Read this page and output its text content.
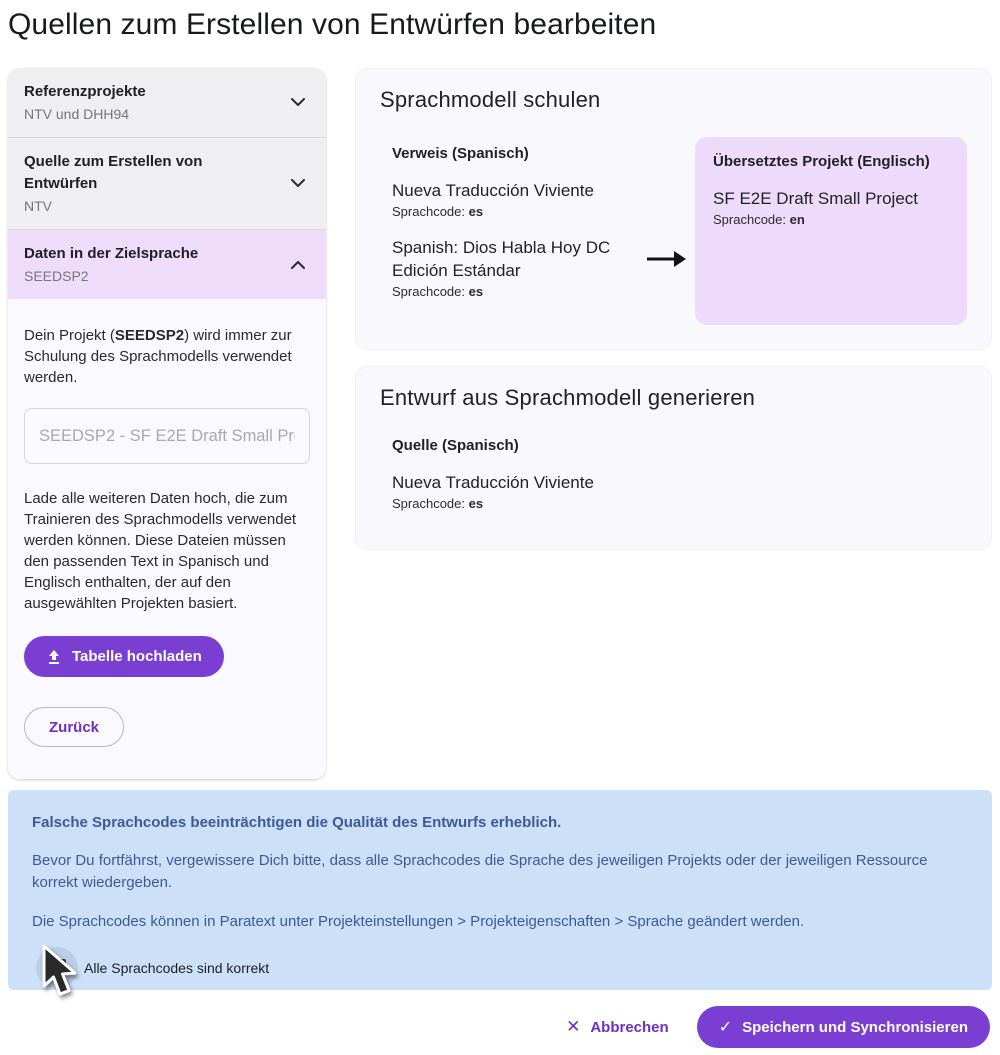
Quellen zum Erstellen von Entwürfen bearbeiten
Referenzprojekte
NTV und DHH94
Quelle zum Erstellen von Entwürfen
NTV
Daten in der Zielsprache
SEEDSP2

Dein Projekt (SEEDSP2) wird immer zur Schulung des Sprachmodells verwendet werden.

SEEDSP2 - SF E2E Draft Small Prc

Lade alle weiteren Daten hoch, die zum Trainieren des Sprachmodells verwendet werden können. Diese Dateien müssen den passenden Text in Spanisch und Englisch enthalten, der auf den ausgewählten Projekten basiert.

Tabelle hochladen
Zurück
Sprachmodell schulen
Verweis (Spanisch)
Nueva Traducción Viviente
Sprachcode: es
Spanish: Dios Habla Hoy DC Edición Estándar
Sprachcode: es
Übersetztes Projekt (Englisch)
SF E2E Draft Small Project
Sprachcode: en
Entwurf aus Sprachmodell generieren
Quelle (Spanisch)
Nueva Traducción Viviente
Sprachcode: es
Falsche Sprachcodes beeinträchtigen die Qualität des Entwurfs erheblich.
Bevor Du fortfährst, vergewissere Dich bitte, dass alle Sprachcodes die Sprache des jeweiligen Projekts oder der jeweiligen Ressource korrekt wiedergeben.
Die Sprachcodes können in Paratext unter Projekteinstellungen > Projekteigenschaften > Sprache geändert werden.
Alle Sprachcodes sind korrekt
✕ Abbrechen	✓ Speichern und Synchronisieren
